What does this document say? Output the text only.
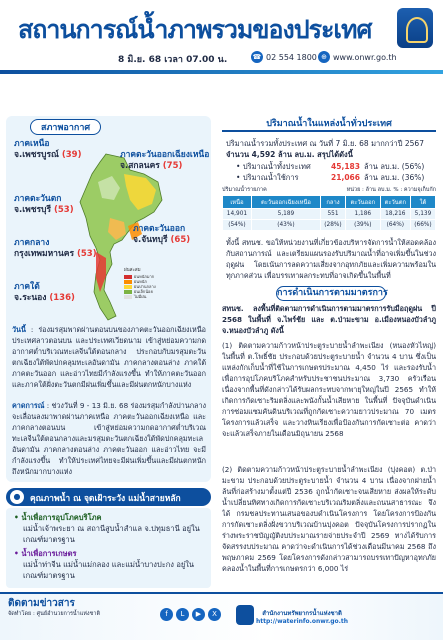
สถานการณ์น้ำภาพรวมของประเทศ
8 มิ.ย. 68 เวลา 07.00 น.	☎ 02 554 1800 ⊕ www.onwr.go.th
สภาพอากาศ
ภาคเหนือ
จ.เพชรบูรณ์ (39)	ภาคตะวันออกเฉียงเหนือ
จ.สกลนคร (75)
ภาคตะวันตก
จ.เพชรบุรี (53)
ภาคกลาง
กรุงเทพมหานคร (53)
ภาคตะวันออก
จ.จันทบุรี (65)
ภาคใต้
จ.ระนอง (136)
ฝนสะสม
ฝนหนักมาก
ฝนหนัก
ฝนปานกลาง
ฝนเล็กน้อย
ไม่มีฝน
วันนี้ : ร่องมรสุมพาดผ่านตอนบนของภาคตะวันออกเฉียงเหนือ ประเทศลาวตอนบน และประเทศเวียดนาม เข้าสู่หย่อมความกดอากาศต่ำบริเวณทะเลจีนใต้ตอนกลาง ประกอบกับมรสุมตะวันตกเฉียงใต้พัดปกคลุมทะเลอันดามัน ภาคกลางตอนล่าง ภาคใต้ ภาคตะวันออก และอ่าวไทยมีกำลังแรงขึ้น ทำให้ภาคตะวันออก และภาคใต้ฝั่งตะวันตกมีฝนเพิ่มขึ้นและมีฝนตกหนักบางแห่ง
คาดการณ์ : ช่วงวันที่ 9 - 13 มิ.ย. 68 ร่องมรสุมกำลังปานกลางจะเลื่อนลงมาพาดผ่านภาคเหนือ ภาคตะวันออกเฉียงเหนือ และภาคกลางตอนบน เข้าสู่หย่อมความกดอากาศต่ำบริเวณทะเลจีนใต้ตอนกลางและมรสุมตะวันตกเฉียงใต้พัดปกคลุมทะเลอันดามัน ภาคกลางตอนล่าง ภาคตะวันออก และอ่าวไทย จะมีกำลังแรงขึ้น ทำให้ประเทศไทยจะมีฝนเพิ่มขึ้นและมีฝนตกหนักถึงหนักมากบางแห่ง
ปริมาณน้ำในแหล่งน้ำทั่วประเทศ
ปริมาณน้ำรวมทั้งประเทศ ณ วันที่ 7 มิ.ย. 68 มากกว่าปี 2567
จำนวน 4,592 ล้าน ลบ.ม. สรุปได้ดังนี้
• ปริมาณน้ำทั้งประเทศ	45,183 ล้าน ลบ.ม. (56%)
• ปริมาณน้ำใช้การ	21,066 ล้าน ลบ.ม. (36%)
ปริมาณน้ำรายภาค	หน่วย : ล้าน ลบ.ม. % : ความจุเก็บกัก
เหนือ	ตะวันออกเฉียงเหนือ	กลาง	ตะวันออก	ตะวันตก	ใต้
14,901	5,189	551	1,186	18,216	5,139
(54%)	(43%)	(28%)	(39%)	(64%)	(66%)
ทั้งนี้ สทนช. ขอให้หน่วยงานที่เกี่ยวข้องบริหารจัดการน้ำให้สอดคล้องกับสถานการณ์ และเตรียมแผนรองรับปริมาณน้ำที่อาจเพิ่มขึ้นในช่วงฤดูฝน โดยเน้นการลดความเสี่ยงจากอุทกภัยและเพิ่มความพร้อมในทุกภาคส่วน เพื่อบรรเทาผลกระทบที่อาจเกิดขึ้นในพื้นที่
การดำเนินการตามมาตรการ
สทนช. ลงพื้นที่ติดตามการดำเนินการตามมาตรการรับมือฤดูฝน ปี 2568 ในพื้นที่ จ.ไพร์ช้ย และ ต.ป่ามะขาม อ.เมืองหนองบัวลำภู จ.หนองบัวลำภู ดังนี้
(1) ติดตามความก้าวหน้าประตูระบายน้ำลำพะเนียง (หนองหัวไหญ่) ในพื้นที่ ต.โพธิ์ชัย ประกอบด้วยประตูระบายน้ำ จำนวน 4 บาน ซึ่งเป็นแหล่งกักเก็บน้ำที่ใช้ในการเกษตรประมาณ 4,450 ไร่ และรองรับน้ำเพื่อการอุปโภคบริโภคสำหรับประชาชนประมาณ 3,730 ครัวเรือน เนื่องจากพื้นที่ดังกล่าวได้รับผลกระทบจากพายุใหญ่ในปี 2565 ทำให้เกิดการกัดเซาะริมตลิ่งและพนังกั้นน้ำเสียหาย ในพื้นที่ ปัจจุบันดำเนินการซ่อมแซมคันดินบริเวณที่ถูกกัดเซาะความยาวประมาณ 70 เมตร โครงการแล้วเสร็จ และวางหินเรียงเพื่อป้องกันการกัดเซาะต่อ คาดว่าจะแล้วเสร็จภายในเดือนมิถุนายน 2568
(2) ติดตามความก้าวหน้าประตูระบายน้ำลำพะเนียง (บุ่งคอต) ต.ป่ามะขาม ประกอบด้วยประตูระบายน้ำ จำนวน 4 บาน เนื่องจากฝายน้ำล้นที่ก่อสร้างมาตั้งแต่ปี 2536 ถูกน้ำกัดเซาะจนเสียหาย ส่งผลให้ระดับน้ำเปลี่ยนทิศทางเกิดการกัดเซาะบริเวณริมตลิ่งและถนนสาธารณะ จึงได้ กรมชลประทานเสนอของบดำเนินโครงการ โดยโครงการป้องกันการกัดเซาะตลิ่งฝั่งขวาบริเวณบ้านบุ่งคอต ปัจจุบันโครงการปรากฏในร่างพระราชบัญญัติงบประมาณรายจ่ายประจำปี 2569 ทางได้รับการจัดสรรงบประมาณ คาดว่าจะดำเนินการได้ช่วงเดือนมีนาคม 2568 ถึงพฤษภาคม 2569 โดยโครงการดังกล่าวสามารถบรรเทาปัญหาอุทกภัยคลองน้ำในพื้นที่การเกษตรกว่า 6,000 ไร่
●	คุณภาพน้ำ ณ จุดเฝ้าระวัง แม่น้ำสายหลัก
• น้ำเพื่อการอุปโภคบริโภค
แม่น้ำเจ้าพระยา ณ สถานีสูบน้ำสำแล จ.ปทุมธานี อยู่ในเกณฑ์มาตรฐาน
• น้ำเพื่อการเกษตร
แม่น้ำท่าจีน แม่น้ำแม่กลอง และแม่น้ำบางปะกง อยู่ในเกณฑ์มาตรฐาน
ติดตามข่าวสาร
จัดทำโดย : ศูนย์อำนวยการน้ำแห่งชาติ	f	L	▶	X	สำนักงานทรัพยากรน้ำแห่งชาติ
http://waterinfo.onwr.go.th
